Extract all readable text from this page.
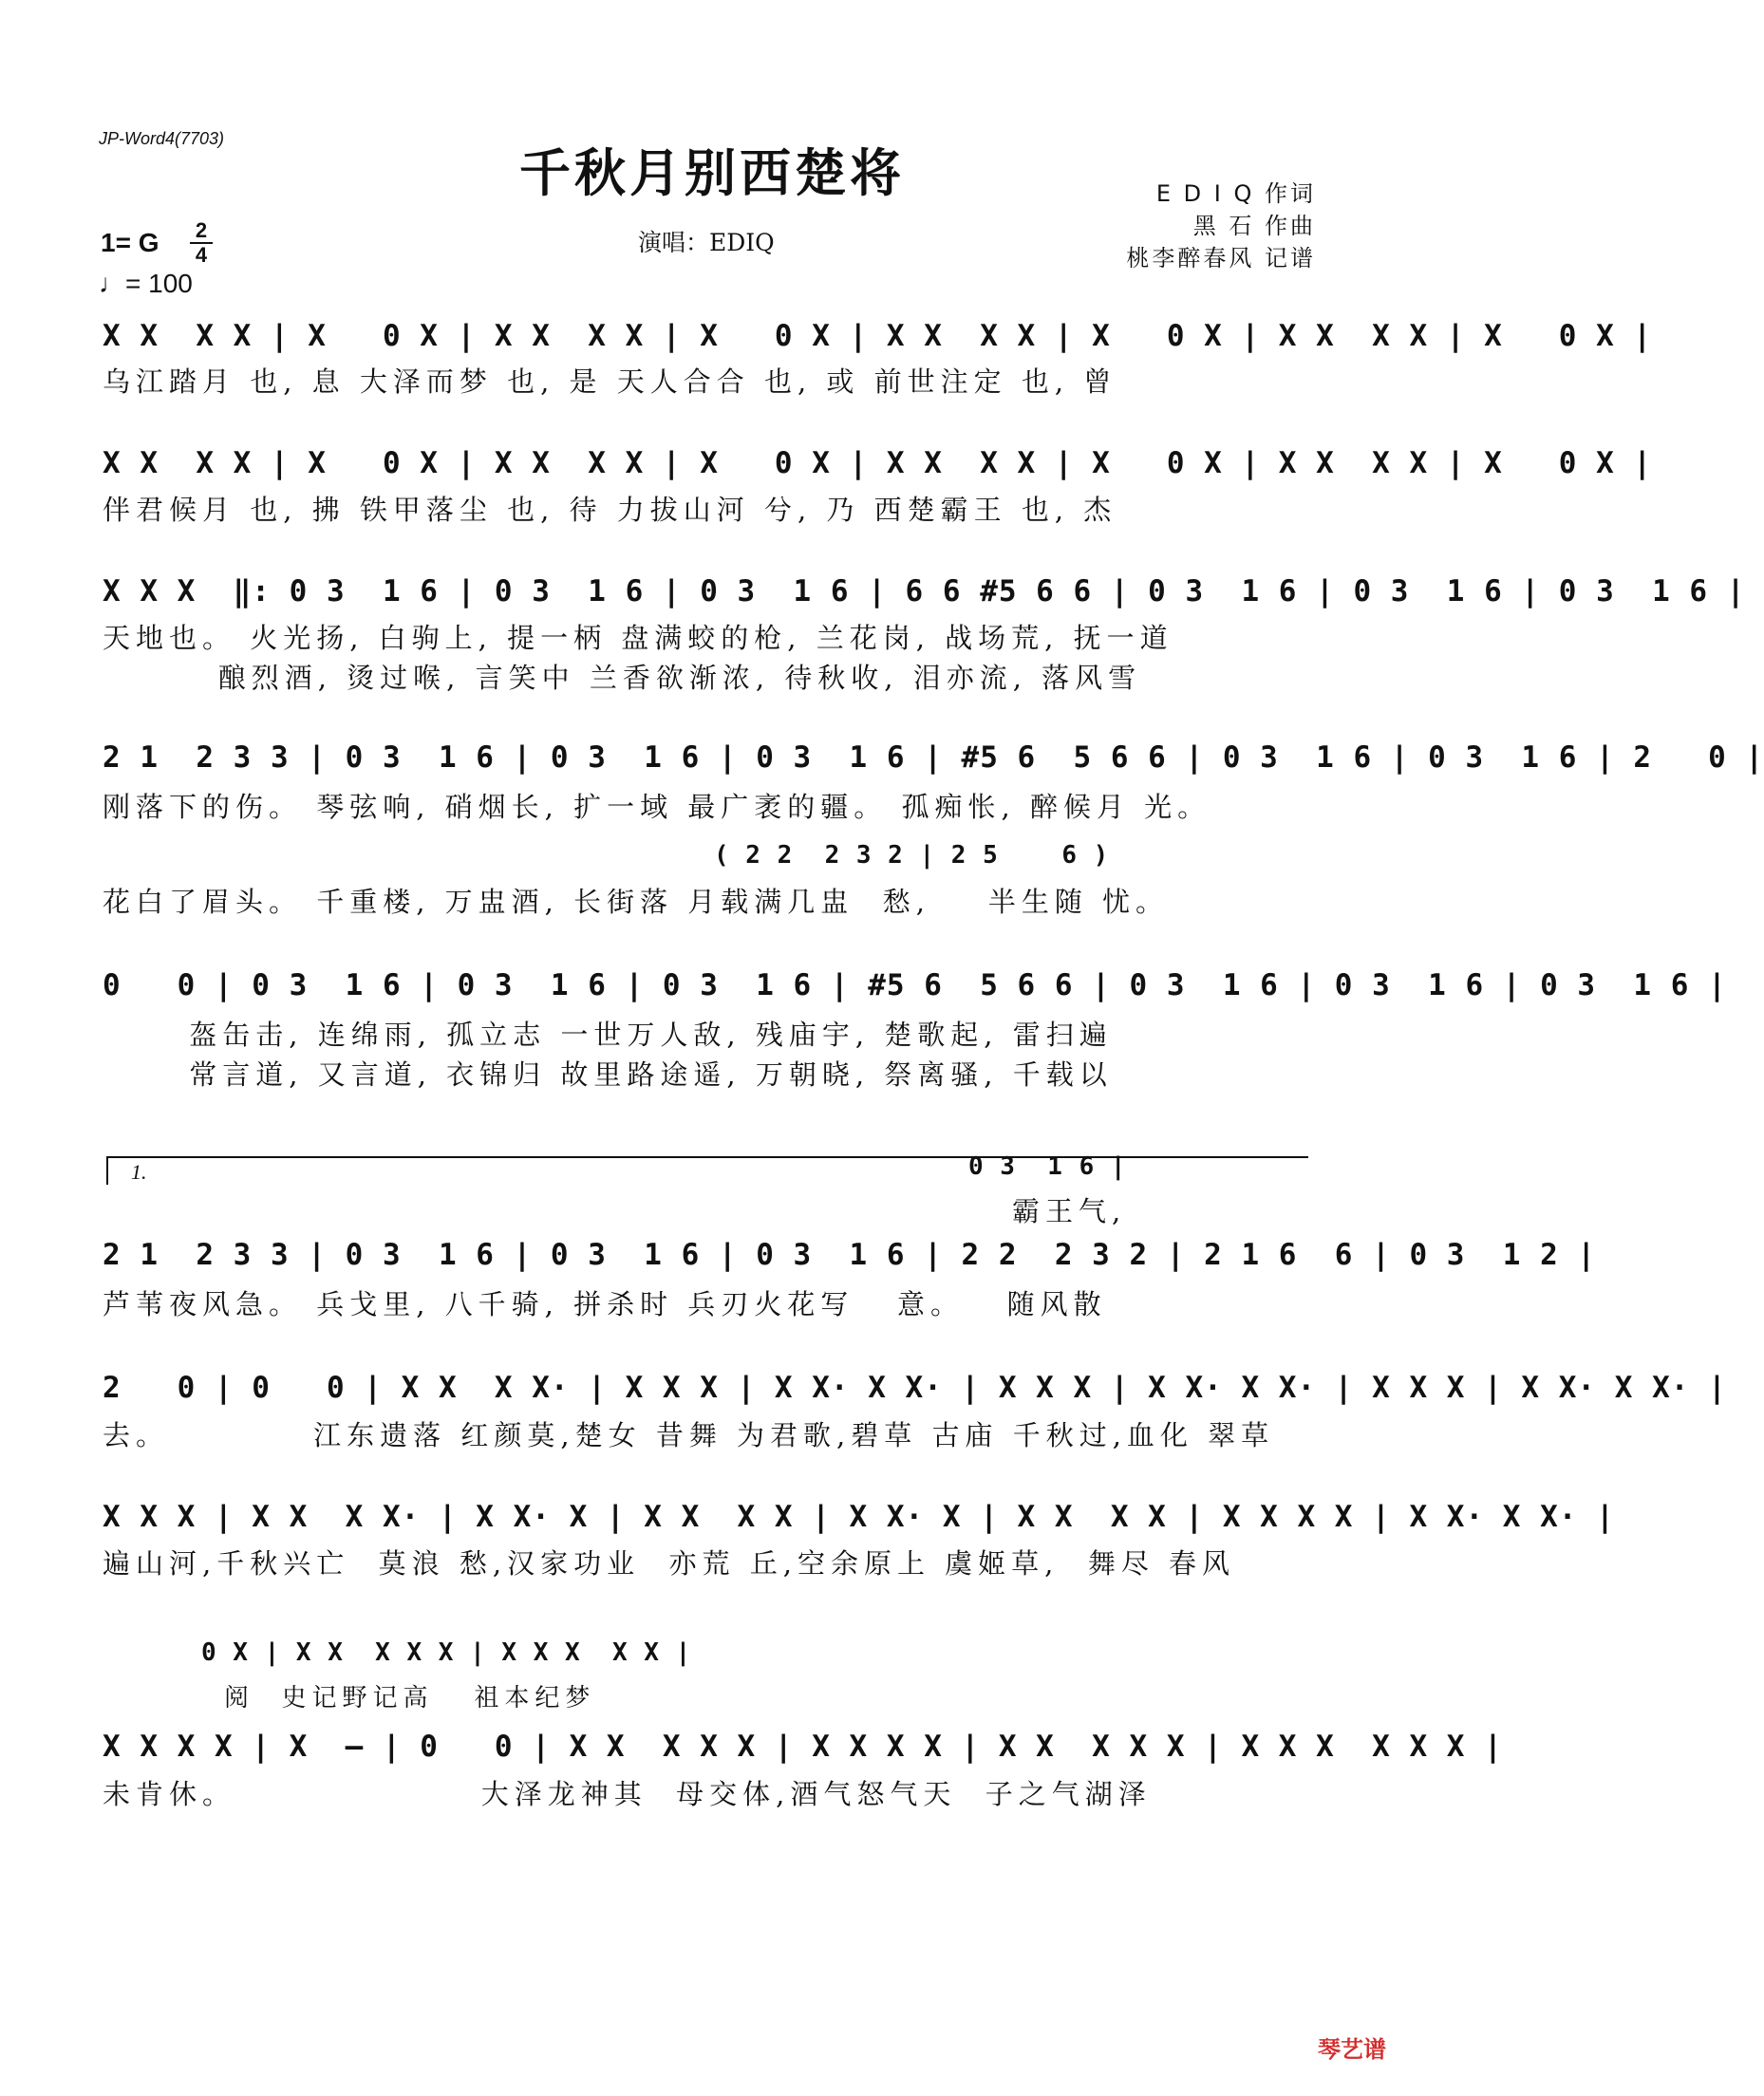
JP-Word4(7703)
千秋月别西楚将
演唱：EDIQ
E D I Q 作词
黑 石 作曲
桃李醉春风 记谱
1= G 2
4
♩= 100
X X  X X | X   0 X | X X  X X | X   0 X | X X  X X | X   0 X | X X  X X | X   0 X |
乌江踏月 也, 息 大泽而梦 也, 是 天人合合 也, 或 前世注定 也, 曾
X X  X X | X   0 X | X X  X X | X   0 X | X X  X X | X   0 X | X X  X X | X   0 X |
伴君候月 也, 拂 铁甲落尘 也, 待 力拔山河 兮, 乃 西楚霸王 也, 杰
X X X  ‖: 0 3  1 6 | 0 3  1 6 | 0 3  1 6 | 6 6 #5 6 6 | 0 3  1 6 | 0 3  1 6 | 0 3  1 6 |
天地也。 火光扬, 白驹上, 提一柄 盘满蛟的枪, 兰花岗, 战场荒, 抚一道
酿烈酒, 烫过喉, 言笑中 兰香欲渐浓, 待秋收, 泪亦流, 落风雪
2 1  2 3 3 | 0 3  1 6 | 0 3  1 6 | 0 3  1 6 | #5 6  5 6 6 | 0 3  1 6 | 0 3  1 6 | 2   0 |
刚落下的伤。 琴弦响, 硝烟长, 扩一域 最广袤的疆。 孤痴怅, 醉候月 光。
( 2 2  2 3 2 | 2 5    6 )
花白了眉头。 千重楼, 万盅酒, 长街落 月载满几盅  愁,    半生随 忧。
0   0 | 0 3  1 6 | 0 3  1 6 | 0 3  1 6 | #5 6  5 6 6 | 0 3  1 6 | 0 3  1 6 | 0 3  1 6 |
盔缶击, 连绵雨, 孤立志 一世万人敌, 残庙宇, 楚歌起, 雷扫遍
常言道, 又言道, 衣锦归 故里路途遥, 万朝晓, 祭离骚, 千载以
1.	0 3  1 6 |
霸王气,
2 1  2 3 3 | 0 3  1 6 | 0 3  1 6 | 0 3  1 6 | 2 2  2 3 2 | 2 1 6  6 | 0 3  1 2 |
芦苇夜风急。 兵戈里, 八千骑, 拼杀时 兵刃火花写   意。   随风散
2   0 | 0   0 | X X  X X· | X X X | X X· X X· | X X X | X X· X X· | X X X | X X· X X· |
去。          江东遗落 红颜莫,楚女 昔舞 为君歌,碧草 古庙 千秋过,血化 翠草
X X X | X X  X X· | X X· X | X X  X X | X X· X | X X  X X | X X X X | X X· X X· |
遍山河,千秋兴亡  莫浪 愁,汉家功业  亦荒 丘,空余原上 虞姬草,  舞尽 春风
0 X | X X  X X X | X X X  X X |
阅  史记野记高   祖本纪梦
X X X X | X  – | 0   0 | X X  X X X | X X X X | X X  X X X | X X X  X X X |
未肯休。                 大泽龙神其  母交体,酒气怒气天  子之气湖泽
琴艺谱
